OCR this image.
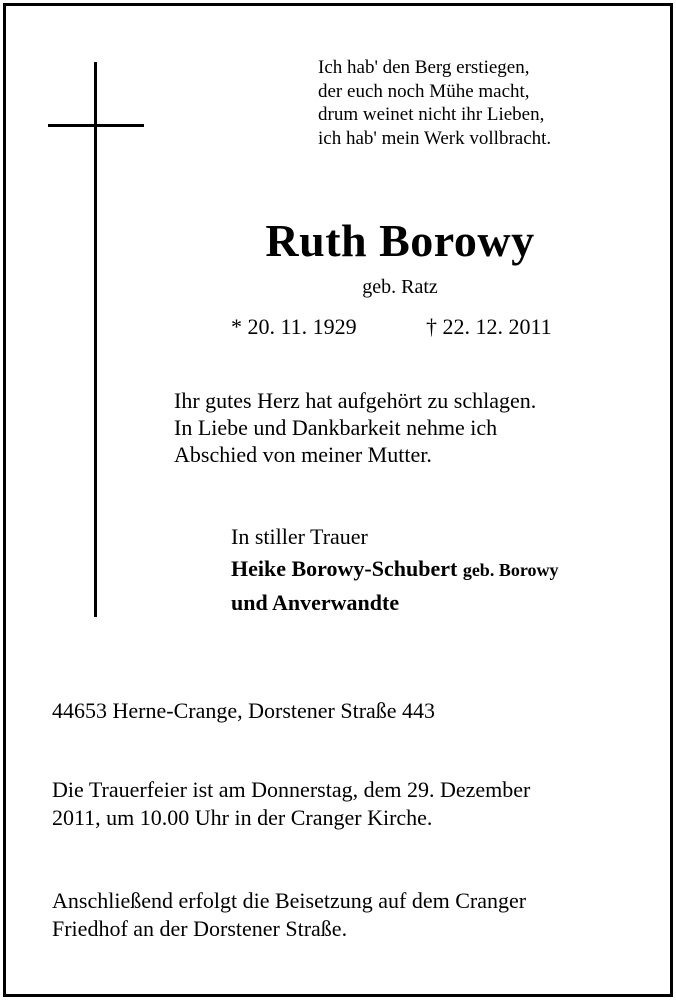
Ich hab' den Berg erstiegen,
der euch noch Mühe macht,
drum weinet nicht ihr Lieben,
ich hab' mein Werk vollbracht.
Ruth Borowy
geb. Ratz
* 20. 11. 1929	† 22. 12. 2011
Ihr gutes Herz hat aufgehört zu schlagen.
In Liebe und Dankbarkeit nehme ich
Abschied von meiner Mutter.
In stiller Trauer
Heike Borowy-Schubert geb. Borowy
und Anverwandte
44653 Herne-Crange, Dorstener Straße 443
Die Trauerfeier ist am Donnerstag, dem 29. Dezember
2011, um 10.00 Uhr in der Cranger Kirche.
Anschließend erfolgt die Beisetzung auf dem Cranger
Friedhof an der Dorstener Straße.
